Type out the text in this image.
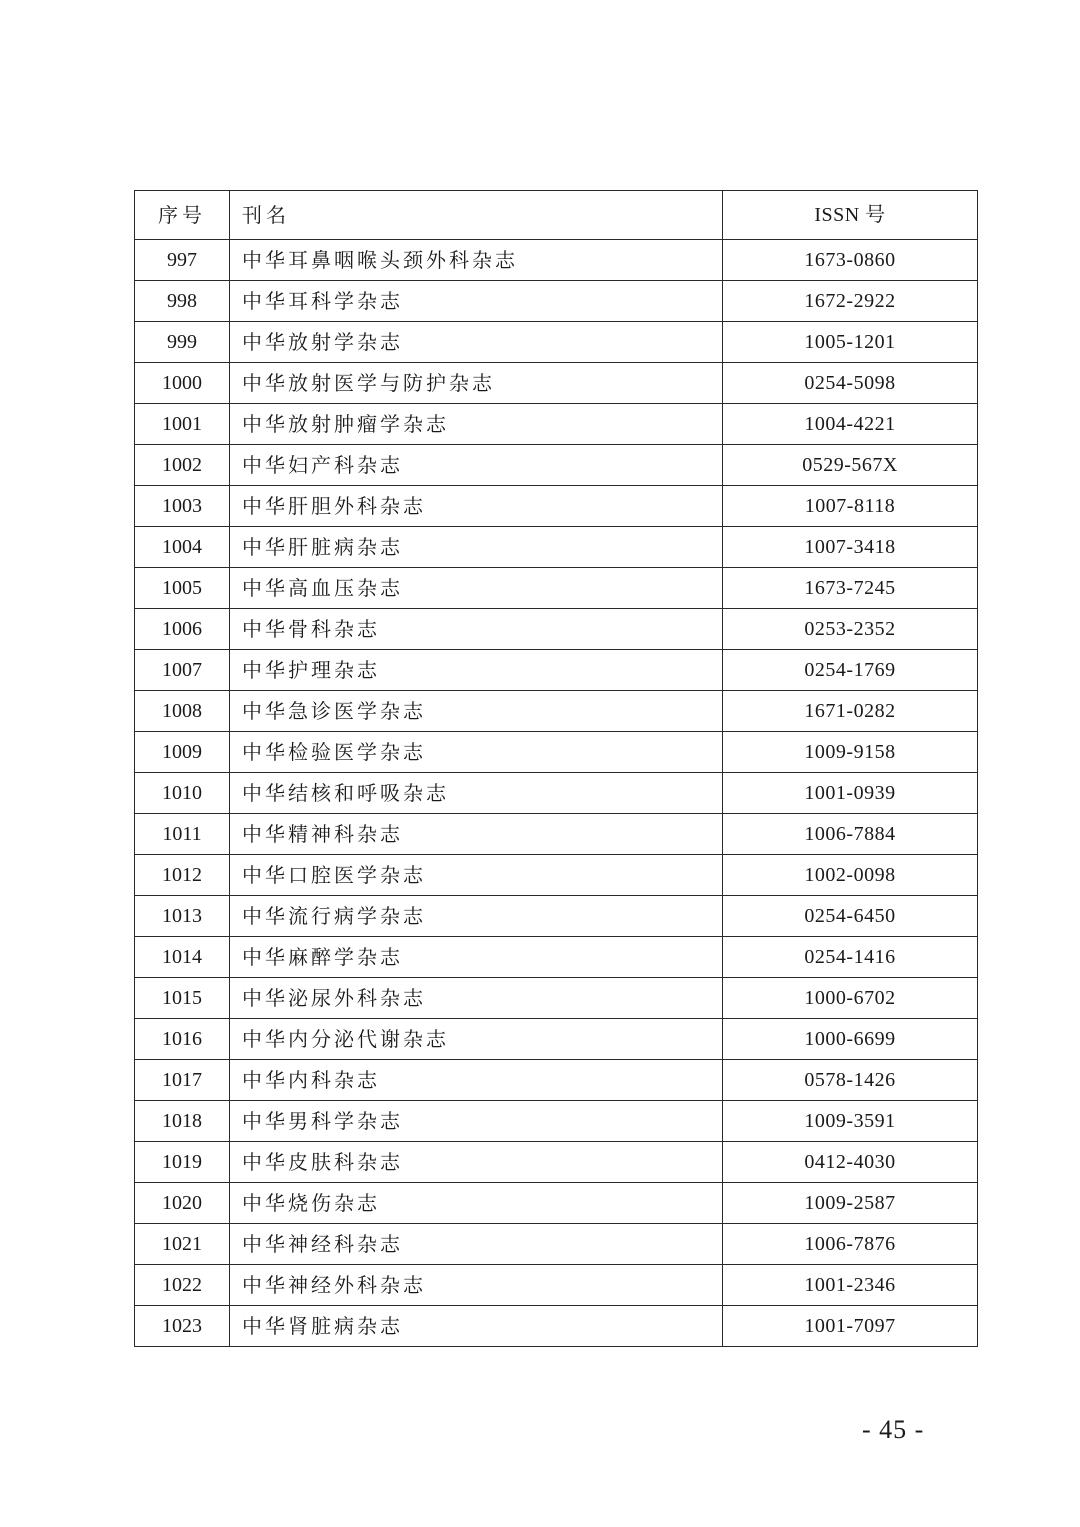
序号	刊名	ISSN 号
997	中华耳鼻咽喉头颈外科杂志	1673-0860
998	中华耳科学杂志	1672-2922
999	中华放射学杂志	1005-1201
1000	中华放射医学与防护杂志	0254-5098
1001	中华放射肿瘤学杂志	1004-4221
1002	中华妇产科杂志	0529-567X
1003	中华肝胆外科杂志	1007-8118
1004	中华肝脏病杂志	1007-3418
1005	中华高血压杂志	1673-7245
1006	中华骨科杂志	0253-2352
1007	中华护理杂志	0254-1769
1008	中华急诊医学杂志	1671-0282
1009	中华检验医学杂志	1009-9158
1010	中华结核和呼吸杂志	1001-0939
1011	中华精神科杂志	1006-7884
1012	中华口腔医学杂志	1002-0098
1013	中华流行病学杂志	0254-6450
1014	中华麻醉学杂志	0254-1416
1015	中华泌尿外科杂志	1000-6702
1016	中华内分泌代谢杂志	1000-6699
1017	中华内科杂志	0578-1426
1018	中华男科学杂志	1009-3591
1019	中华皮肤科杂志	0412-4030
1020	中华烧伤杂志	1009-2587
1021	中华神经科杂志	1006-7876
1022	中华神经外科杂志	1001-2346
1023	中华肾脏病杂志	1001-7097
- 45 -
